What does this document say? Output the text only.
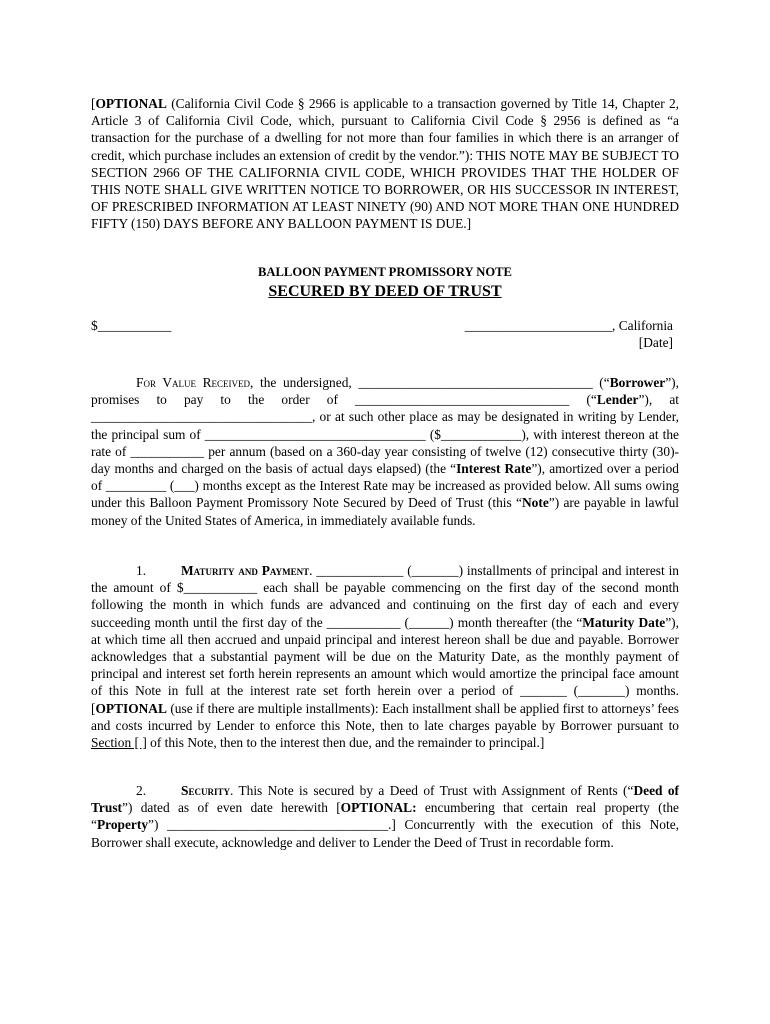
[OPTIONAL (California Civil Code § 2966 is applicable to a transaction governed by Title 14, Chapter 2, Article 3 of California Civil Code, which, pursuant to California Civil Code § 2956 is defined as “a transaction for the purchase of a dwelling for not more than four families in which there is an arranger of credit, which purchase includes an extension of credit by the vendor.”): THIS NOTE MAY BE SUBJECT TO SECTION 2966 OF THE CALIFORNIA CIVIL CODE, WHICH PROVIDES THAT THE HOLDER OF THIS NOTE SHALL GIVE WRITTEN NOTICE TO BORROWER, OR HIS SUCCESSOR IN INTEREST, OF PRESCRIBED INFORMATION AT LEAST NINETY (90) AND NOT MORE THAN ONE HUNDRED FIFTY (150) DAYS BEFORE ANY BALLOON PAYMENT IS DUE.]
BALLOON PAYMENT PROMISSORY NOTE
SECURED BY DEED OF TRUST
$___________	______________________, California
[Date]
For Value Received, the undersigned, ___________________________________ (“Borrower”), promises to pay to the order of ________________________________ (“Lender”), at _________________________________, or at such other place as may be designated in writing by Lender, the principal sum of _________________________________ ($____________), with interest thereon at the rate of ___________ per annum (based on a 360-day year consisting of twelve (12) consecutive thirty (30)-day months and charged on the basis of actual days elapsed) (the “Interest Rate”), amortized over a period of _________ (___) months except as the Interest Rate may be increased as provided below. All sums owing under this Balloon Payment Promissory Note Secured by Deed of Trust (this “Note”) are payable in lawful money of the United States of America, in immediately available funds.
1.	Maturity and Payment. _____________ (_______) installments of principal and interest in the amount of $___________ each shall be payable commencing on the first day of the second month following the month in which funds are advanced and continuing on the first day of each and every succeeding month until the first day of the ___________ (______) month thereafter (the “Maturity Date”), at which time all then accrued and unpaid principal and interest hereon shall be due and payable. Borrower acknowledges that a substantial payment will be due on the Maturity Date, as the monthly payment of principal and interest set forth herein represents an amount which would amortize the principal face amount of this Note in full at the interest rate set forth herein over a period of _______ (_______) months. [OPTIONAL (use if there are multiple installments): Each installment shall be applied first to attorneys’ fees and costs incurred by Lender to enforce this Note, then to late charges payable by Borrower pursuant to Section [ ] of this Note, then to the interest then due, and the remainder to principal.]
2.	Security. This Note is secured by a Deed of Trust with Assignment of Rents (“Deed of Trust”) dated as of even date herewith [OPTIONAL: encumbering that certain real property (the “Property”) _________________________________.] Concurrently with the execution of this Note, Borrower shall execute, acknowledge and deliver to Lender the Deed of Trust in recordable form.
